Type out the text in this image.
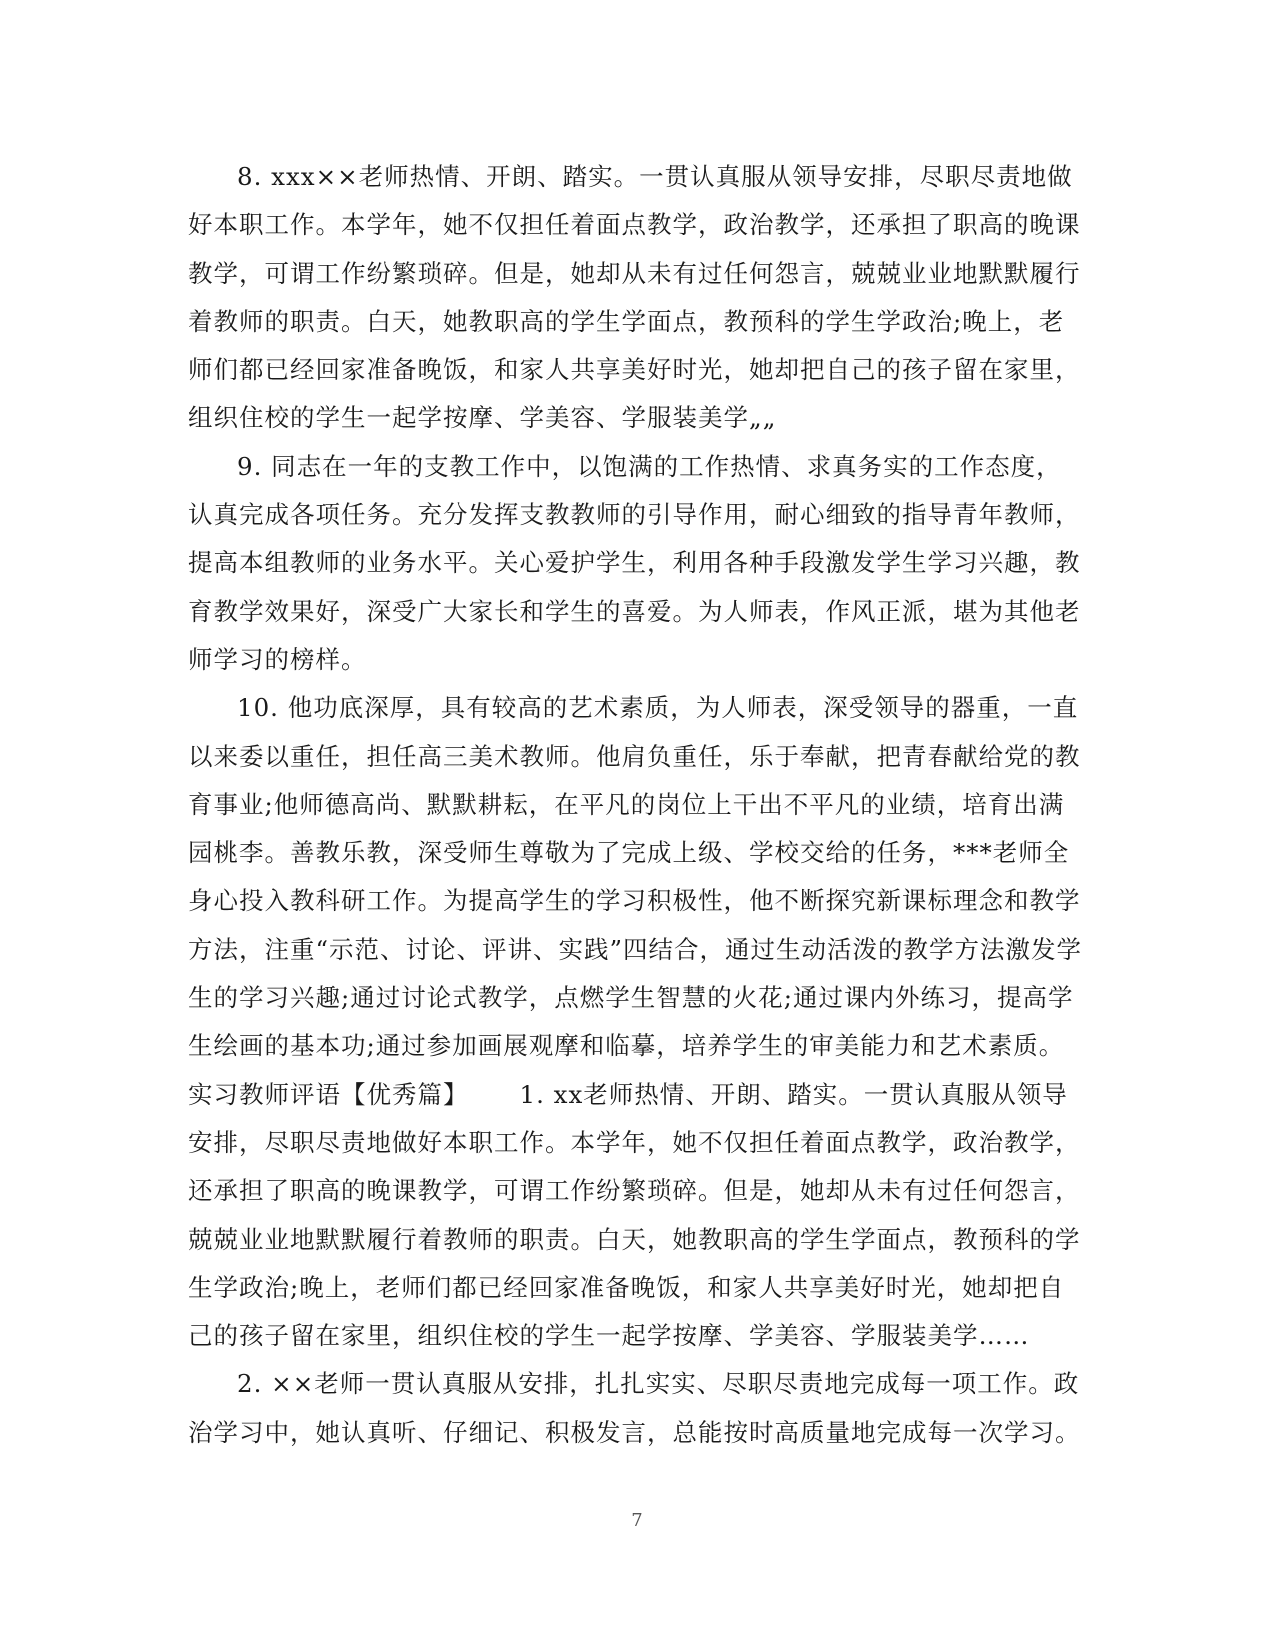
8. xxx××老师热情、开朗、踏实。一贯认真服从领导安排，尽职尽责地做好本职工作。本学年，她不仅担任着面点教学，政治教学，还承担了职高的晚课教学，可谓工作纷繁琐碎。但是，她却从未有过任何怨言，兢兢业业地默默履行着教师的职责。白天，她教职高的学生学面点，教预科的学生学政治;晚上，老师们都已经回家准备晚饭，和家人共享美好时光，她却把自己的孩子留在家里，组织住校的学生一起学按摩、学美容、学服装美学„„

9. 同志在一年的支教工作中，以饱满的工作热情、求真务实的工作态度，认真完成各项任务。充分发挥支教教师的引导作用，耐心细致的指导青年教师，提高本组教师的业务水平。关心爱护学生，利用各种手段激发学生学习兴趣，教育教学效果好，深受广大家长和学生的喜爱。为人师表，作风正派，堪为其他老师学习的榜样。

10. 他功底深厚，具有较高的艺术素质，为人师表，深受领导的器重，一直以来委以重任，担任高三美术教师。他肩负重任，乐于奉献，把青春献给党的教育事业;他师德高尚、默默耕耘，在平凡的岗位上干出不平凡的业绩，培育出满园桃李。善教乐教，深受师生尊敬为了完成上级、学校交给的任务，***老师全身心投入教科研工作。为提高学生的学习积极性，他不断探究新课标理念和教学方法，注重“示范、讨论、评讲、实践”四结合，通过生动活泼的教学方法激发学生的学习兴趣;通过讨论式教学，点燃学生智慧的火花;通过课内外练习，提高学生绘画的基本功;通过参加画展观摩和临摹，培养学生的审美能力和艺术素质。

实习教师评语【优秀篇】   1. xx老师热情、开朗、踏实。一贯认真服从领导安排，尽职尽责地做好本职工作。本学年，她不仅担任着面点教学，政治教学，还承担了职高的晚课教学，可谓工作纷繁琐碎。但是，她却从未有过任何怨言，兢兢业业地默默履行着教师的职责。白天，她教职高的学生学面点，教预科的学生学政治;晚上，老师们都已经回家准备晚饭，和家人共享美好时光，她却把自己的孩子留在家里，组织住校的学生一起学按摩、学美容、学服装美学……

2. ××老师一贯认真服从安排，扎扎实实、尽职尽责地完成每一项工作。政治学习中，她认真听、仔细记、积极发言，总能按时高质量地完成每一次学习。

7
